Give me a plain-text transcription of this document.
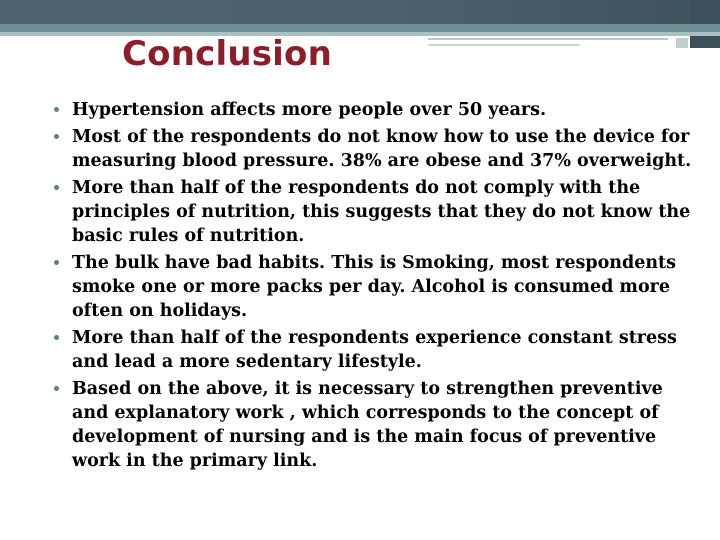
Conclusion
Hypertension affects more people over 50 years.
Most of the respondents do not know how to use the device for measuring blood pressure. 38% are obese and 37% overweight.
More than half of the respondents do not comply with the principles of nutrition, this suggests that they do not know the basic rules of nutrition.
The bulk have bad habits. This is Smoking, most respondents smoke one or more packs per day. Alcohol is consumed more often on holidays.
More than half of the respondents experience constant stress and lead a more sedentary lifestyle.
Based on the above, it is necessary to strengthen preventive and explanatory work , which corresponds to the concept of development of nursing and is the main focus of preventive work in the primary link.
